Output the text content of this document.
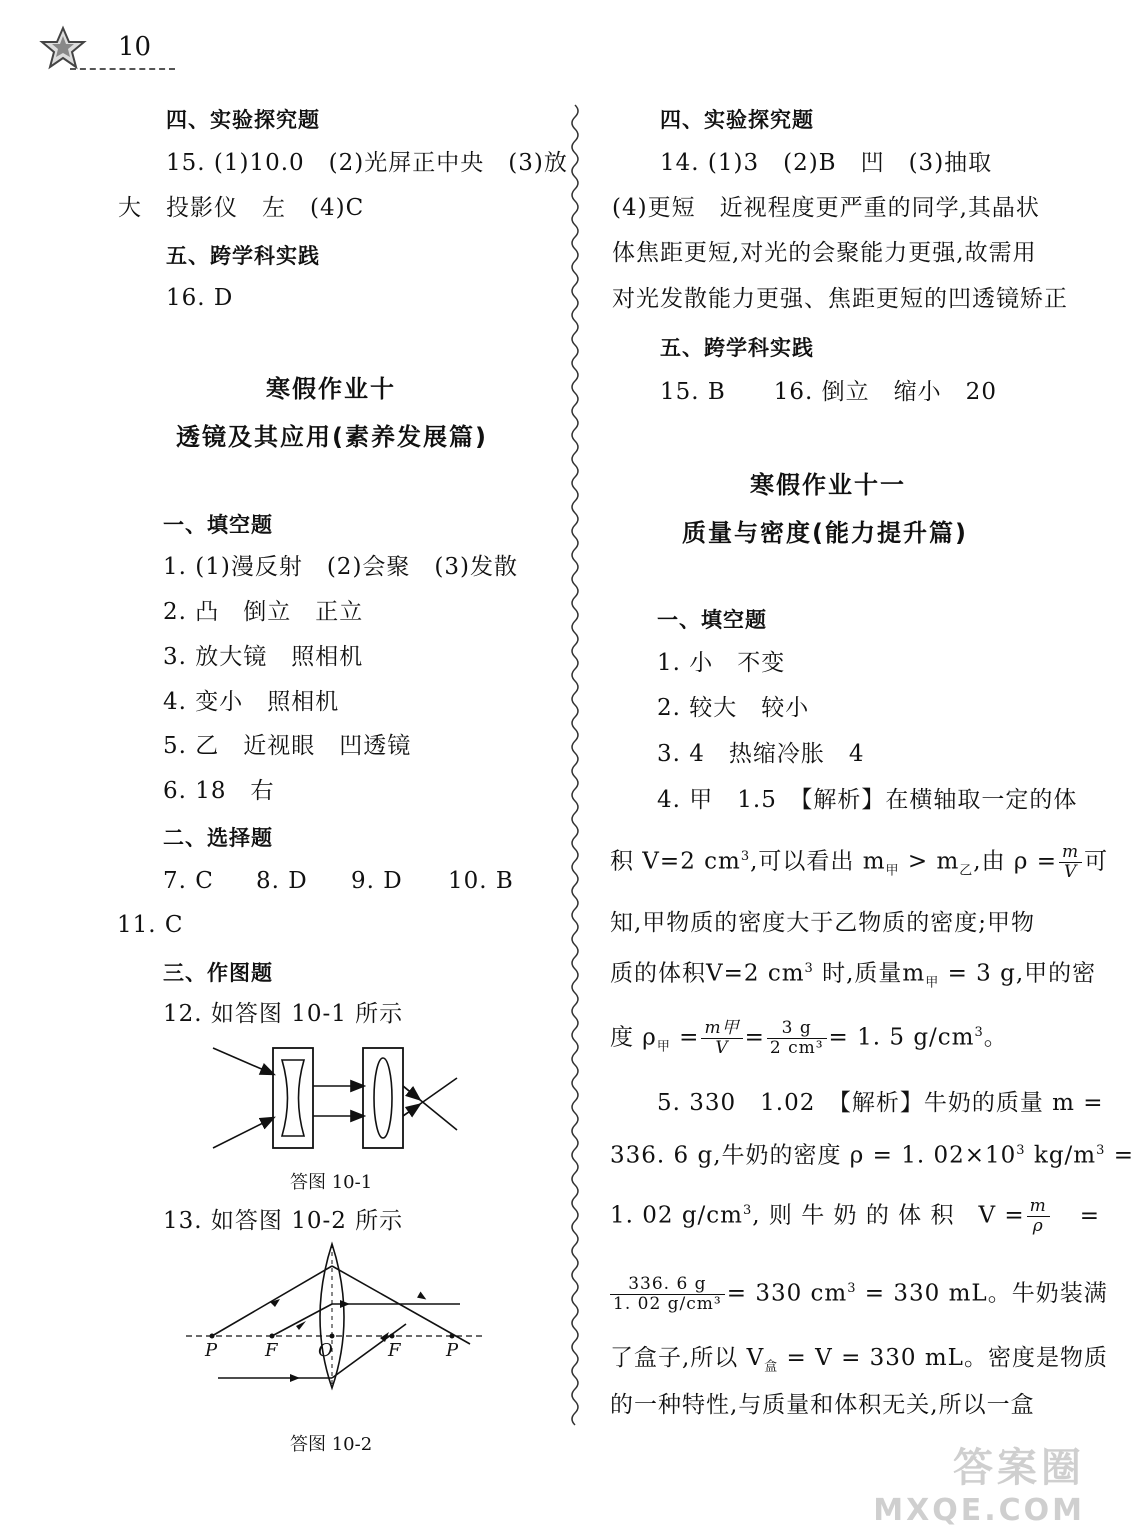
10
四、实验探究题
15. (1)10.0　(2)光屏正中央　(3)放
大　投影仪　左　(4)C
五、跨学科实践
16. D
寒假作业十
透镜及其应用(素养发展篇)
一、填空题
1. (1)漫反射　(2)会聚　(3)发散
2. 凸　倒立　正立
3. 放大镜　照相机
4. 变小　照相机
5. 乙　近视眼　凹透镜
6. 18　右
二、选择题
7. C 8. D 9. D 10. B
11. C
三、作图题
12. 如答图 10-1 所示
答图 10-1
13. 如答图 10-2 所示
P	F O	F	P
答图 10-2
四、实验探究题
14. (1)3　(2)B　凹　(3)抽取
(4)更短　近视程度更严重的同学,其晶状
体焦距更短,对光的会聚能力更强,故需用
对光发散能力更强、焦距更短的凹透镜矫正
五、跨学科实践
15. B　　16. 倒立　缩小　20
寒假作业十一
质量与密度(能力提升篇)
一、填空题
1. 小　不变
2. 较大　较小
3. 4　热缩冷胀　4
4. 甲　1.5　【解析】在横轴取一定的体
积 V=2 $cm^3$,可以看出 $m_甲 > m_乙$,由 $\rho = \frac{m}{V}$ 可
知,甲物质的密度大于乙物质的密度;甲物
质的体积V=2 $cm^3$ 时,质量$m_甲 = 3$ g,甲的密
度 $\rho_甲 = \frac{\text{m甲}}{V} = \frac{3 g}{\text{2 cm³}} = 1$. 5 $g/cm^3$。
5. 330　1.02　【解析】牛奶的质量 m =
336. 6 g,牛奶的密度 ρ = 1. $02\times 10^3$ $kg/m^3$ =
1. 02 $g/cm^3$, 则 牛 奶 的 体 积　$V = \frac{m}{\rho}$ =
$\frac{336. 6 g}{\text{1. 02 g/cm³}} = 330$ $cm^3 = 330$ mL。牛奶装满
了盒子,所以 $V_盒 = V = 330$ mL。密度是物质
的一种特性,与质量和体积无关,所以一盒
答案圈
MXQE.COM
